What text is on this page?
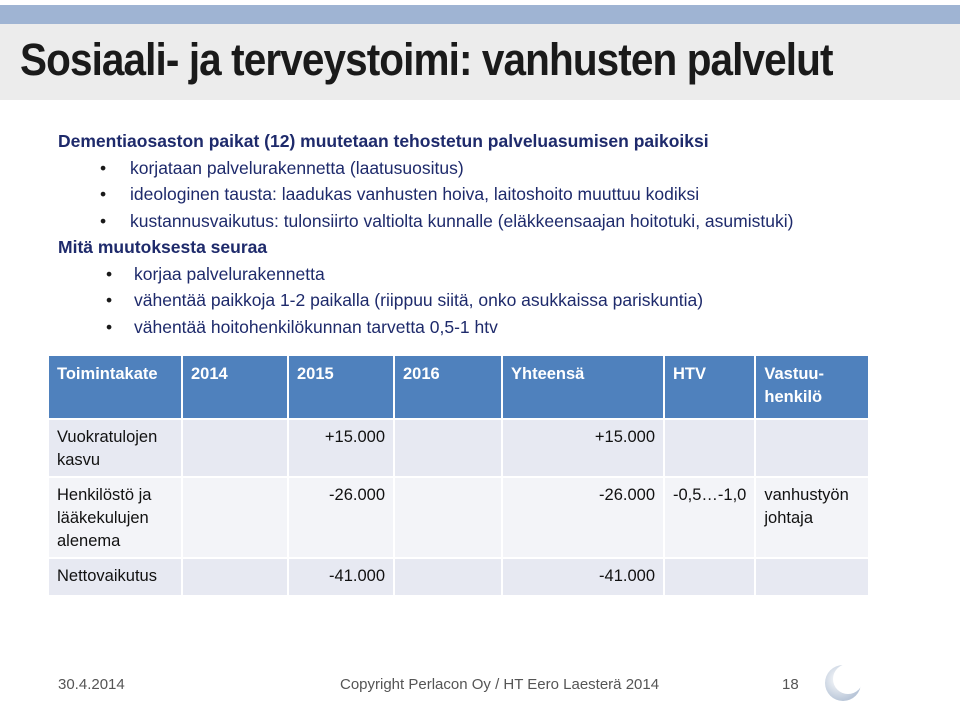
Sosiaali- ja terveystoimi: vanhusten palvelut

Dementiaosaston paikat (12) muutetaan tehostetun palveluasumisen paikoiksi

• korjataan palvelurakennetta (laatusuositus)

• ideologinen tausta: laadukas vanhusten hoiva, laitoshoito muuttuu kodiksi

• kustannusvaikutus: tulonsiirto valtiolta kunnalle (eläkkeensaajan hoitotuki, asumistuki)

Mitä muutoksesta seuraa

• korjaa palvelurakennetta

• vähentää paikkoja 1-2 paikalla (riippuu siitä, onko asukkaissa pariskuntia)

• vähentää hoitohenkilökunnan tarvetta 0,5-1 htv

Toimintakate	2014	2015	2016	Yhteensä	HTV	Vastuu-
henkilö
Vuokratulojen
kasvu		+15.000		+15.000		
Henkilöstö ja
lääkekulujen
alenema		-26.000		-26.000	-0,5…-1,0	vanhustyön
johtaja
Nettovaikutus		-41.000		-41.000		
30.4.2014	Copyright Perlacon Oy / HT Eero Laesterä 2014	18
